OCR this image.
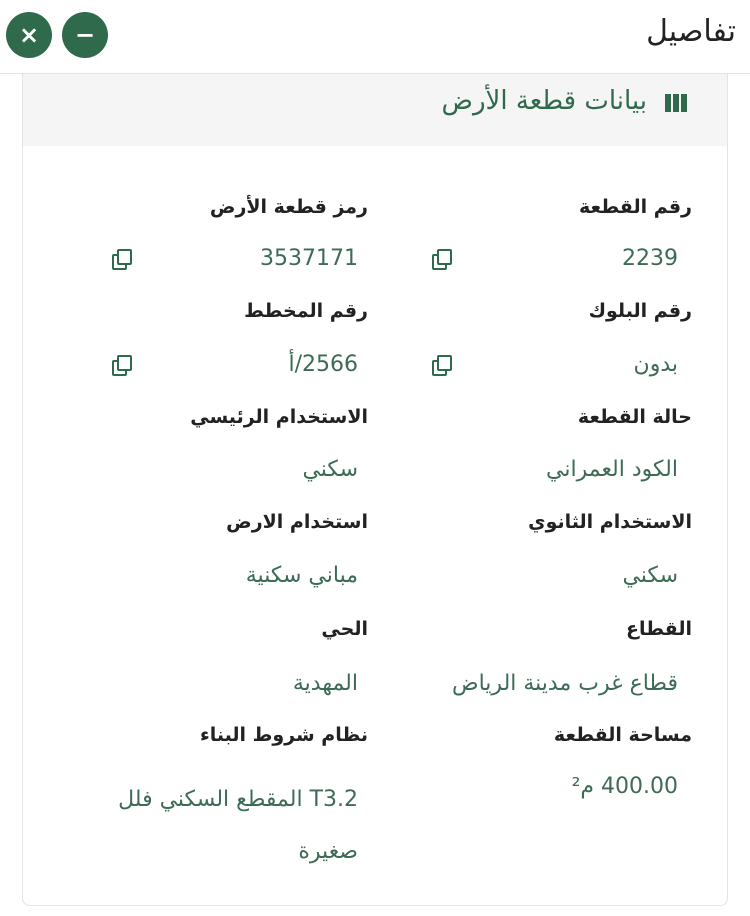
تفاصيل
−
×
بيانات قطعة الأرض
رقم القطعة
2239
رمز قطعة الأرض
3537171
رقم البلوك
بدون
رقم المخطط
2566/أ
حالة القطعة
الكود العمراني
الاستخدام الرئيسي
سكني
الاستخدام الثانوي
سكني
استخدام الارض
مباني سكنية
القطاع
قطاع غرب مدينة الرياض
الحي
المهدية
مساحة القطعة
400.00 م²
نظام شروط البناء
T3.2 المقطع السكني فلل صغيرة
